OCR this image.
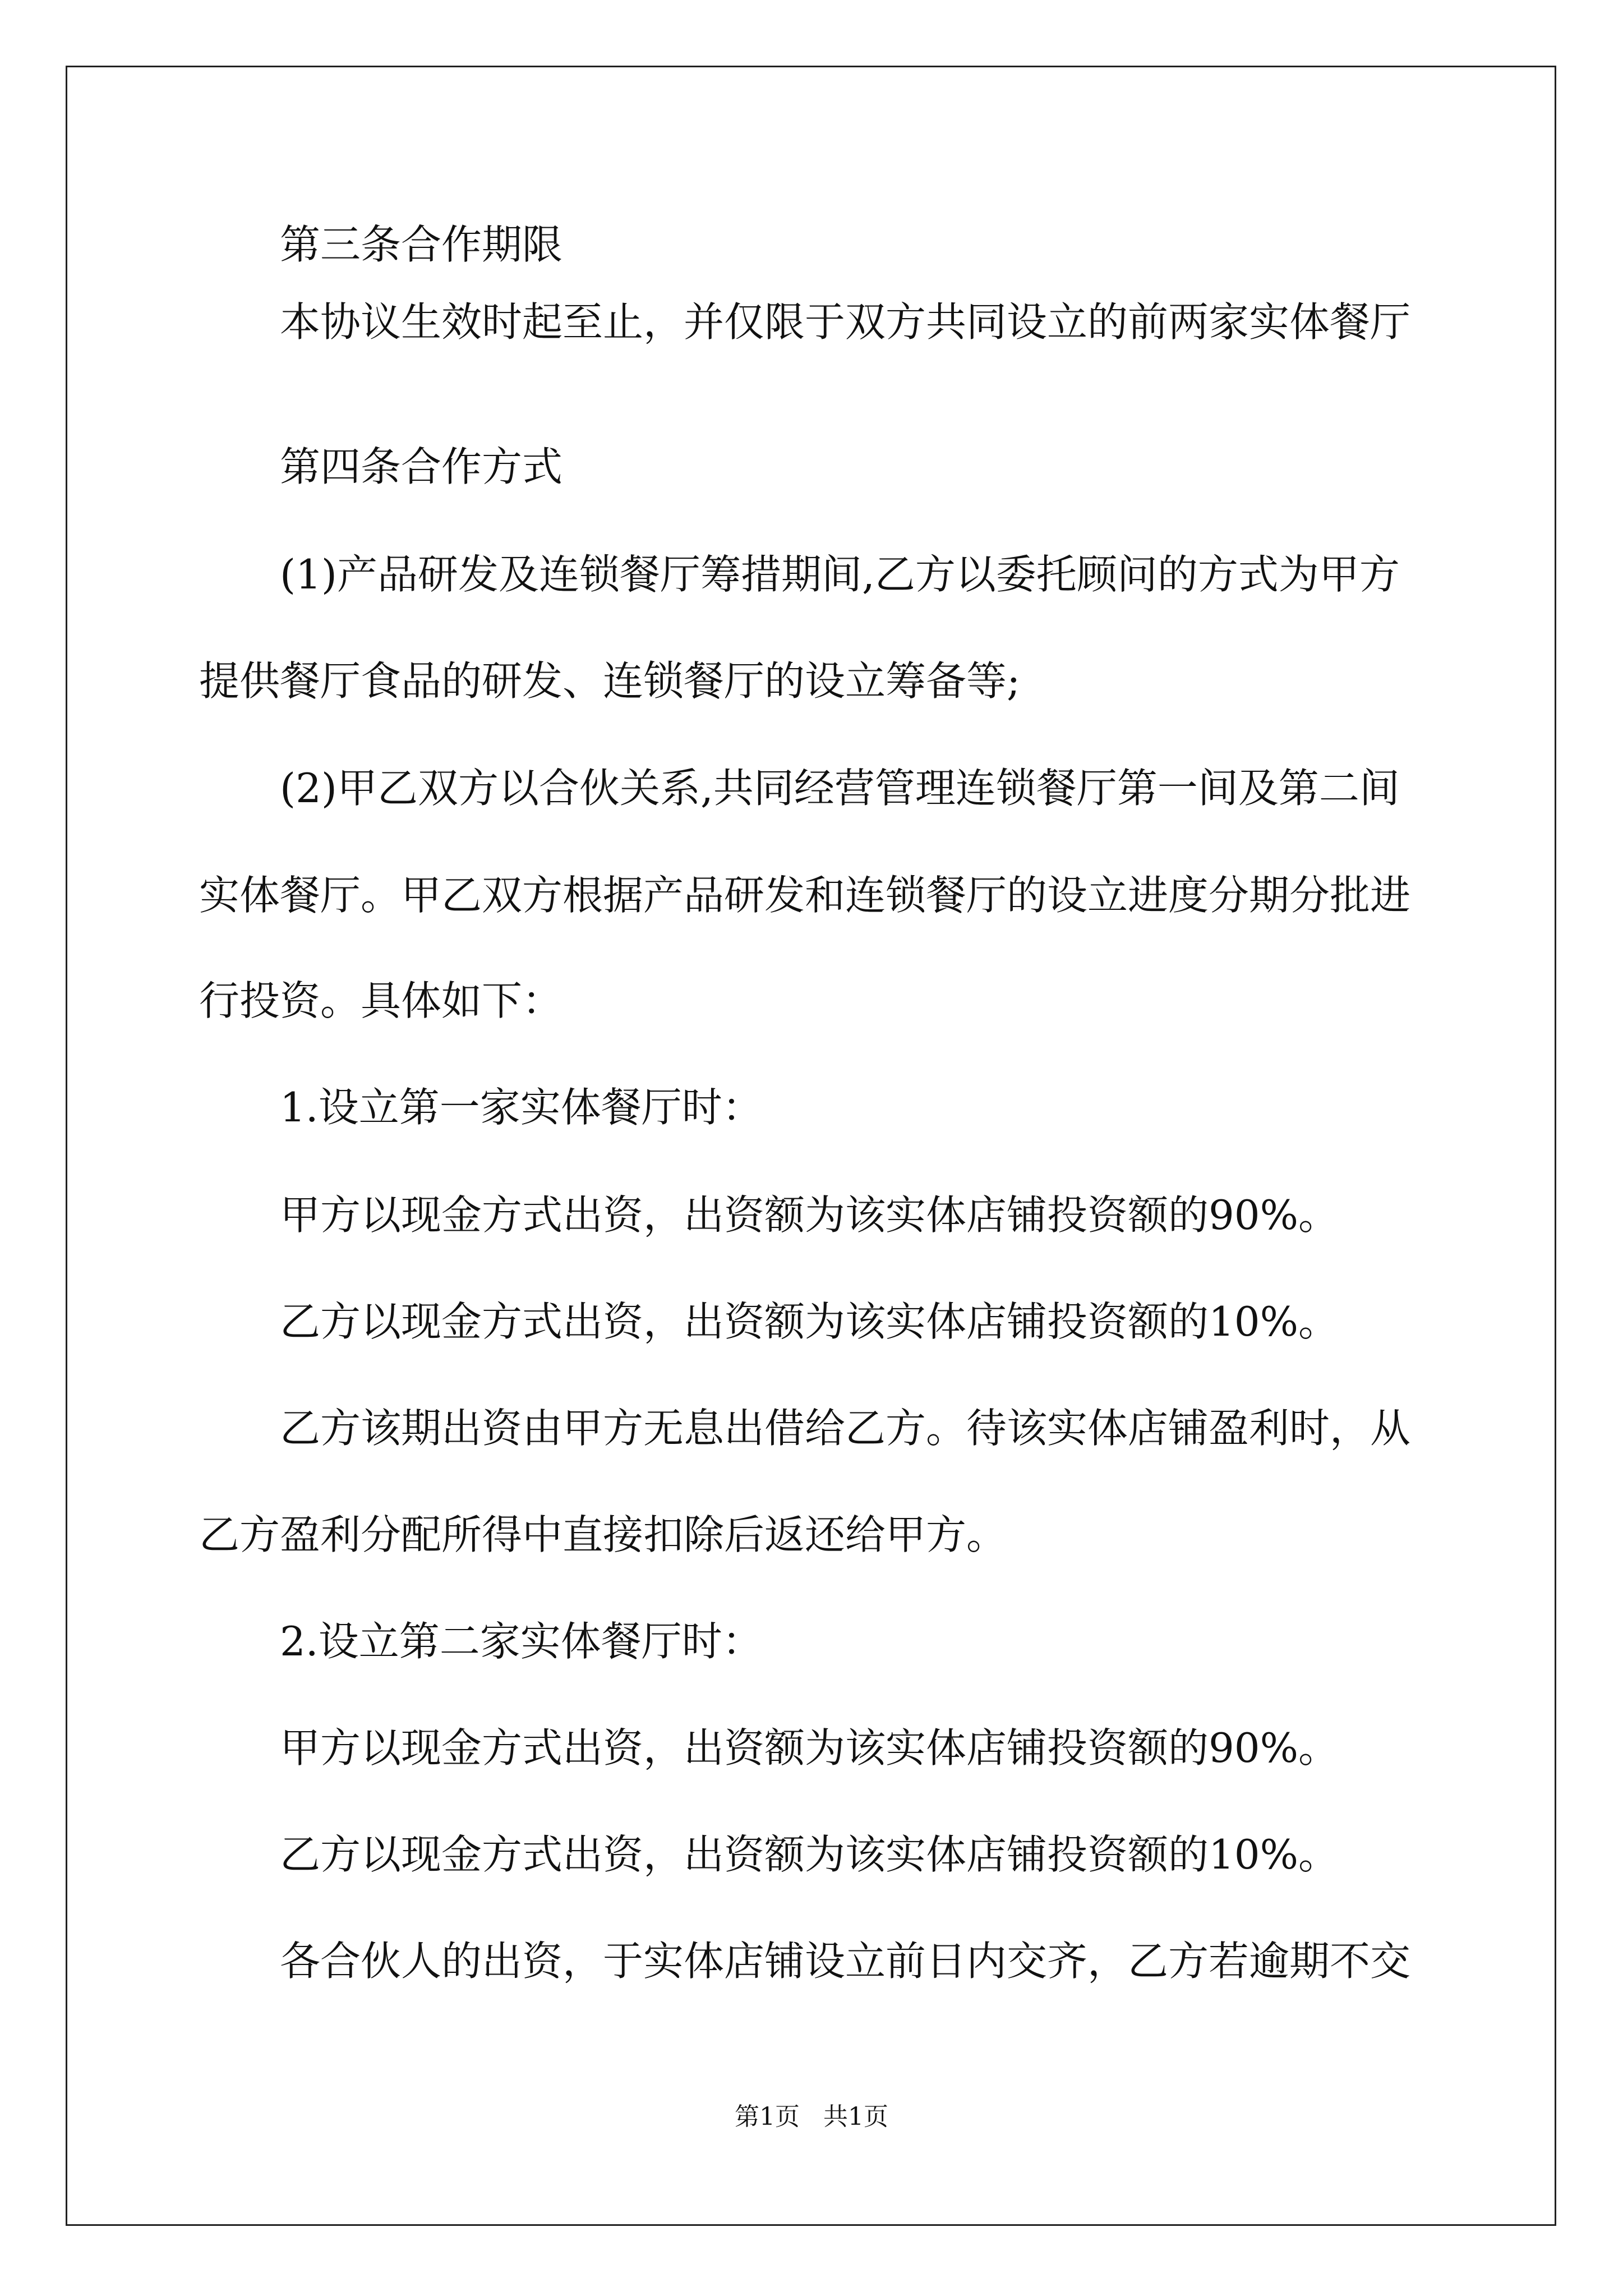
第三条合作期限

本协议生效时起至止，并仅限于双方共同设立的前两家实体餐厅

第四条合作方式

(1)产品研发及连锁餐厅筹措期间,乙方以委托顾问的方式为甲方

提供餐厅食品的研发、连锁餐厅的设立筹备等;

(2)甲乙双方以合伙关系,共同经营管理连锁餐厅第一间及第二间

实体餐厅。甲乙双方根据产品研发和连锁餐厅的设立进度分期分批进

行投资。具体如下：

1.设立第一家实体餐厅时：

甲方以现金方式出资，出资额为该实体店铺投资额的90%。

乙方以现金方式出资，出资额为该实体店铺投资额的10%。

乙方该期出资由甲方无息出借给乙方。待该实体店铺盈利时，从

乙方盈利分配所得中直接扣除后返还给甲方。

2.设立第二家实体餐厅时：

甲方以现金方式出资，出资额为该实体店铺投资额的90%。

乙方以现金方式出资，出资额为该实体店铺投资额的10%。

各合伙人的出资，于实体店铺设立前日内交齐，乙方若逾期不交

第1页   共1页
